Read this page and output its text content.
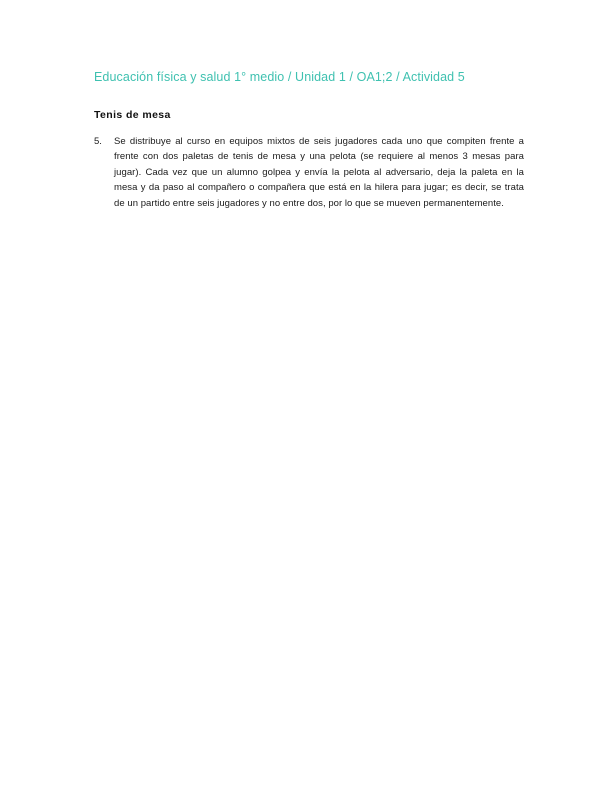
Educación física y salud 1° medio / Unidad 1 / OA1;2 / Actividad 5
Tenis de mesa
5.	Se distribuye al curso en equipos mixtos de seis jugadores cada uno que compiten frente a frente con dos paletas de tenis de mesa y una pelota (se requiere al menos 3 mesas para jugar). Cada vez que un alumno golpea y envía la pelota al adversario, deja la paleta en la mesa y da paso al compañero o compañera que está en la hilera para jugar; es decir, se trata de un partido entre seis jugadores y no entre dos, por lo que se mueven permanentemente.
